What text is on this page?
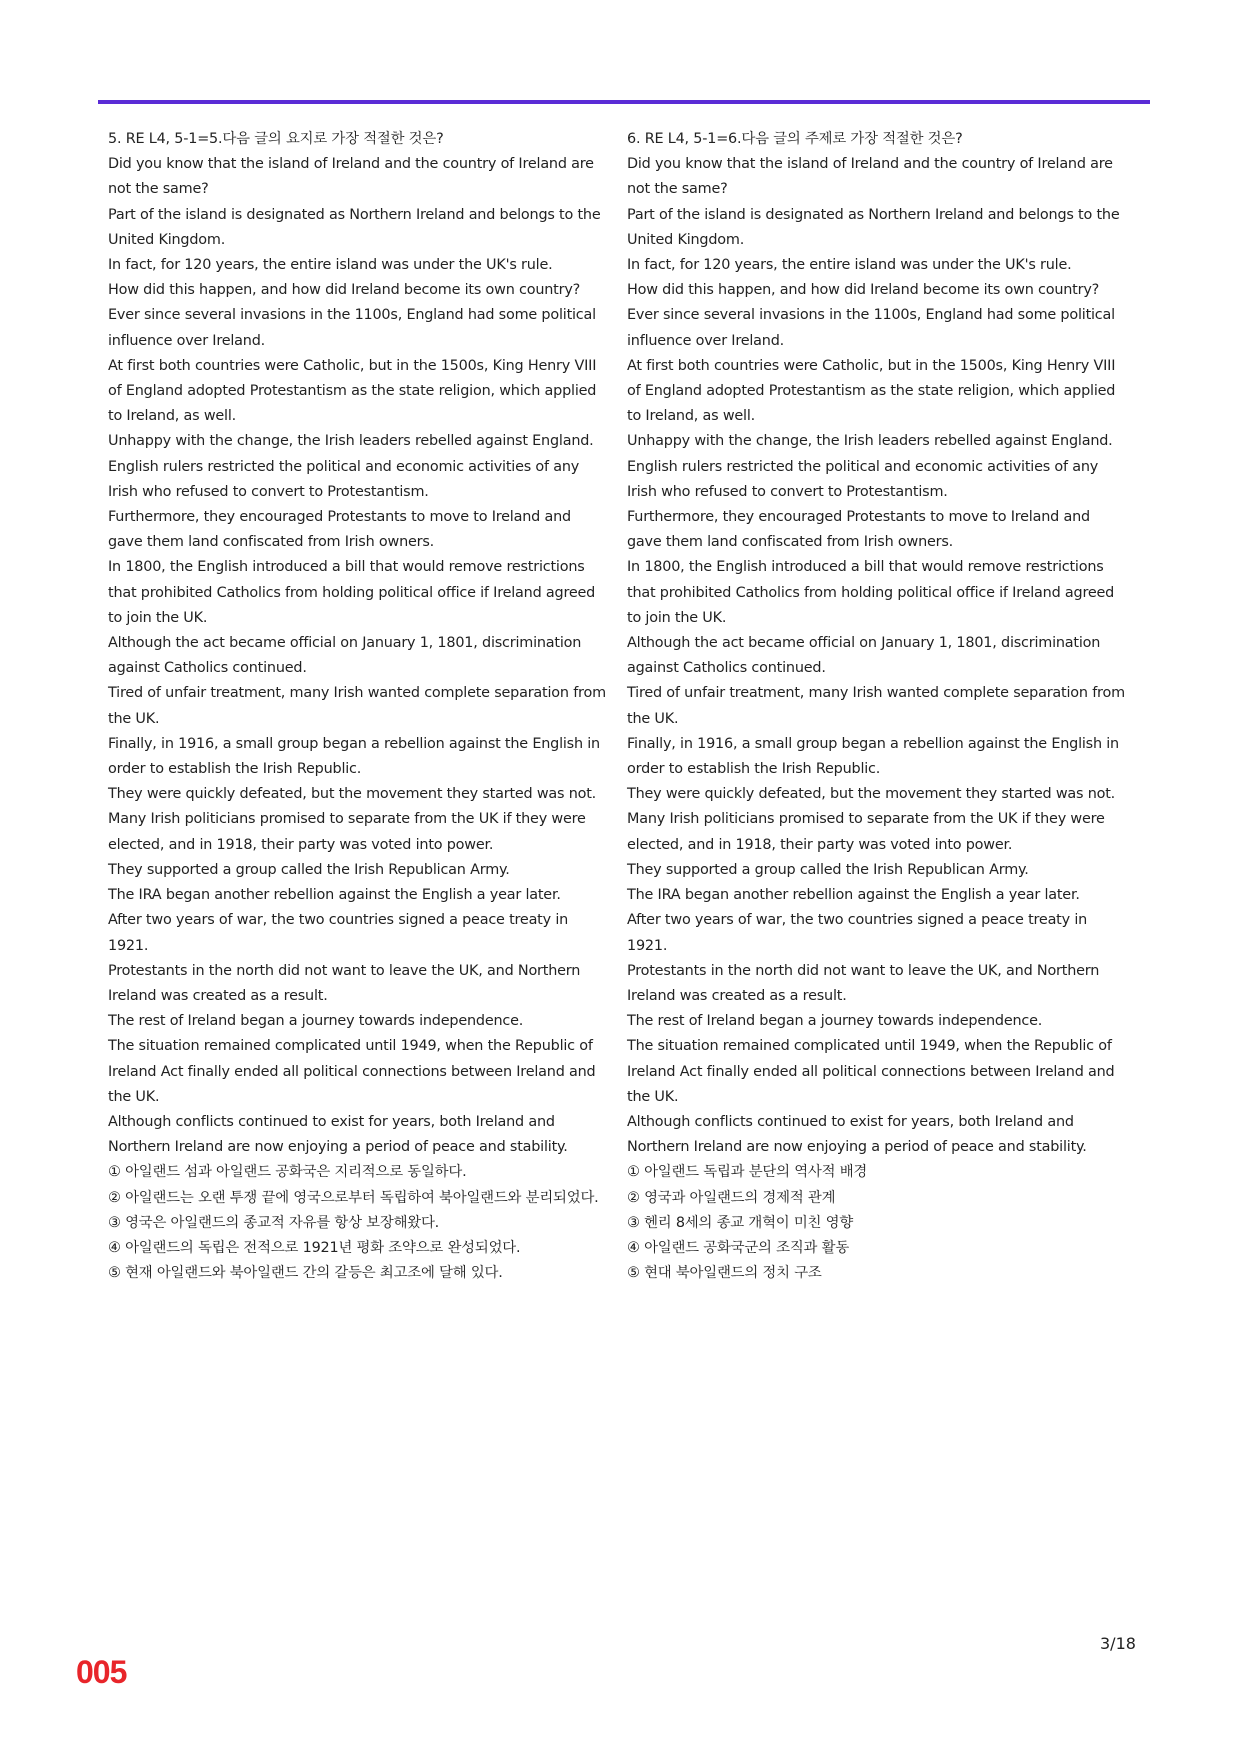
5. RE L4, 5-1=5.다음 글의 요지로 가장 적절한 것은?

Did you know that the island of Ireland and the country of Ireland are not the same?

Part of the island is designated as Northern Ireland and belongs to the United Kingdom.

In fact, for 120 years, the entire island was under the UK's rule.

How did this happen, and how did Ireland become its own country?

Ever since several invasions in the 1100s, England had some political influence over Ireland.

At first both countries were Catholic, but in the 1500s, King Henry VIII of England adopted Protestantism as the state religion, which applied to Ireland, as well.

Unhappy with the change, the Irish leaders rebelled against England.

English rulers restricted the political and economic activities of any Irish who refused to convert to Protestantism.

Furthermore, they encouraged Protestants to move to Ireland and gave them land confiscated from Irish owners.

In 1800, the English introduced a bill that would remove restrictions that prohibited Catholics from holding political office if Ireland agreed to join the UK.

Although the act became official on January 1, 1801, discrimination against Catholics continued.

Tired of unfair treatment, many Irish wanted complete separation from the UK.

Finally, in 1916, a small group began a rebellion against the English in order to establish the Irish Republic.

They were quickly defeated, but the movement they started was not.

Many Irish politicians promised to separate from the UK if they were elected, and in 1918, their party was voted into power.

They supported a group called the Irish Republican Army.

The IRA began another rebellion against the English a year later.

After two years of war, the two countries signed a peace treaty in 1921.

Protestants in the north did not want to leave the UK, and Northern Ireland was created as a result.

The rest of Ireland began a journey towards independence.

The situation remained complicated until 1949, when the Republic of Ireland Act finally ended all political connections between Ireland and the UK.

Although conflicts continued to exist for years, both Ireland and Northern Ireland are now enjoying a period of peace and stability.

① 아일랜드 섬과 아일랜드 공화국은 지리적으로 동일하다.

② 아일랜드는 오랜 투쟁 끝에 영국으로부터 독립하여 북아일랜드와 분리되었다.

③ 영국은 아일랜드의 종교적 자유를 항상 보장해왔다.

④ 아일랜드의 독립은 전적으로 1921년 평화 조약으로 완성되었다.

⑤ 현재 아일랜드와 북아일랜드 간의 갈등은 최고조에 달해 있다.

6. RE L4, 5-1=6.다음 글의 주제로 가장 적절한 것은?

Did you know that the island of Ireland and the country of Ireland are not the same?

Part of the island is designated as Northern Ireland and belongs to the United Kingdom.

In fact, for 120 years, the entire island was under the UK's rule.

How did this happen, and how did Ireland become its own country?

Ever since several invasions in the 1100s, England had some political influence over Ireland.

At first both countries were Catholic, but in the 1500s, King Henry VIII of England adopted Protestantism as the state religion, which applied to Ireland, as well.

Unhappy with the change, the Irish leaders rebelled against England.

English rulers restricted the political and economic activities of any Irish who refused to convert to Protestantism.

Furthermore, they encouraged Protestants to move to Ireland and gave them land confiscated from Irish owners.

In 1800, the English introduced a bill that would remove restrictions that prohibited Catholics from holding political office if Ireland agreed to join the UK.

Although the act became official on January 1, 1801, discrimination against Catholics continued.

Tired of unfair treatment, many Irish wanted complete separation from the UK.

Finally, in 1916, a small group began a rebellion against the English in order to establish the Irish Republic.

They were quickly defeated, but the movement they started was not.

Many Irish politicians promised to separate from the UK if they were elected, and in 1918, their party was voted into power.

They supported a group called the Irish Republican Army.

The IRA began another rebellion against the English a year later.

After two years of war, the two countries signed a peace treaty in 1921.

Protestants in the north did not want to leave the UK, and Northern Ireland was created as a result.

The rest of Ireland began a journey towards independence.

The situation remained complicated until 1949, when the Republic of Ireland Act finally ended all political connections between Ireland and the UK.

Although conflicts continued to exist for years, both Ireland and Northern Ireland are now enjoying a period of peace and stability.

① 아일랜드 독립과 분단의 역사적 배경

② 영국과 아일랜드의 경제적 관계

③ 헨리 8세의 종교 개혁이 미친 영향

④ 아일랜드 공화국군의 조직과 활동

⑤ 현대 북아일랜드의 정치 구조

3/18
005
